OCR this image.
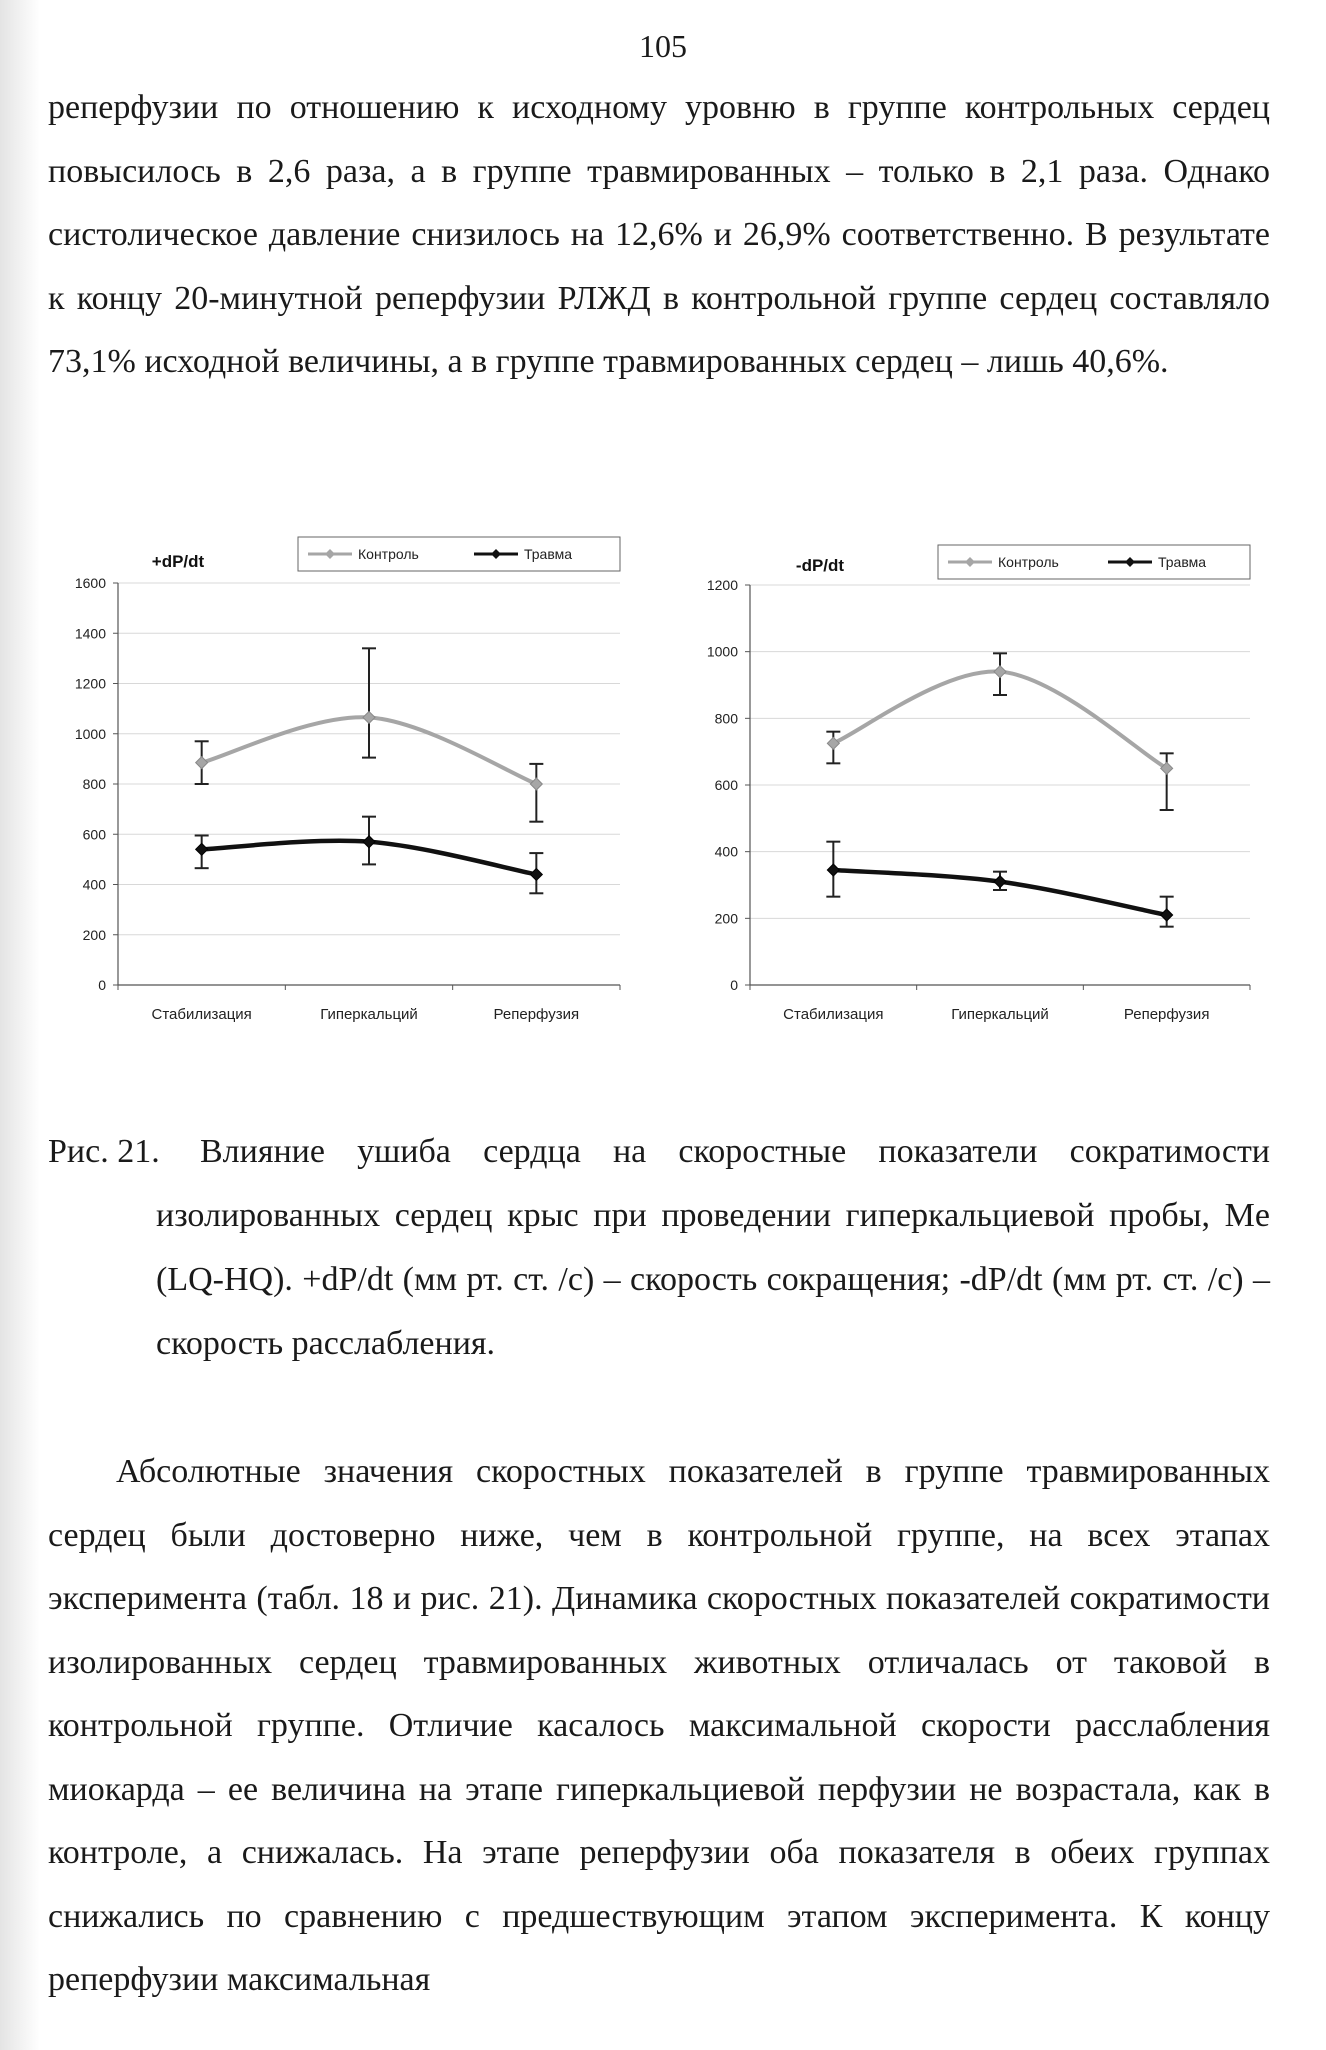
105
реперфузии по отношению к исходному уровню в группе контрольных сердец повысилось в 2,6 раза, а в группе травмированных – только в 2,1 раза. Однако систолическое давление снизилось на 12,6% и 26,9% соответственно. В результате к концу 20-минутной реперфузии РЛЖД в контрольной группе сердец составляло 73,1% исходной величины, а в группе травмированных сердец – лишь 40,6%.
0
200
400
600
800
1000
1200
1400
1600
Стабилизация	Гиперкальций	Реперфузия
+dP/dt	Контроль	Травма
0
200
400
600
800
1000
1200
Стабилизация	Гиперкальций	Реперфузия
-dP/dt	Контроль	Травма
Рис. 21.	Влияние ушиба сердца на скоростные показатели сократимости изолированных сердец крыс при проведении гиперкальциевой пробы, Me (LQ-HQ). +dP/dt (мм рт. ст. /с) – скорость сокращения; -dP/dt (мм рт. ст. /с) – скорость расслабления.
Абсолютные значения скоростных показателей в группе травмированных сердец были достоверно ниже, чем в контрольной группе, на всех этапах эксперимента (табл. 18 и рис. 21). Динамика скоростных показателей сократимости изолированных сердец травмированных животных отличалась от таковой в контрольной группе. Отличие касалось максимальной скорости расслабления миокарда – ее величина на этапе гиперкальциевой перфузии не возрастала, как в контроле, а снижалась. На этапе реперфузии оба показателя в обеих группах снижались по сравнению с предшествующим этапом эксперимента. К концу реперфузии максимальная
